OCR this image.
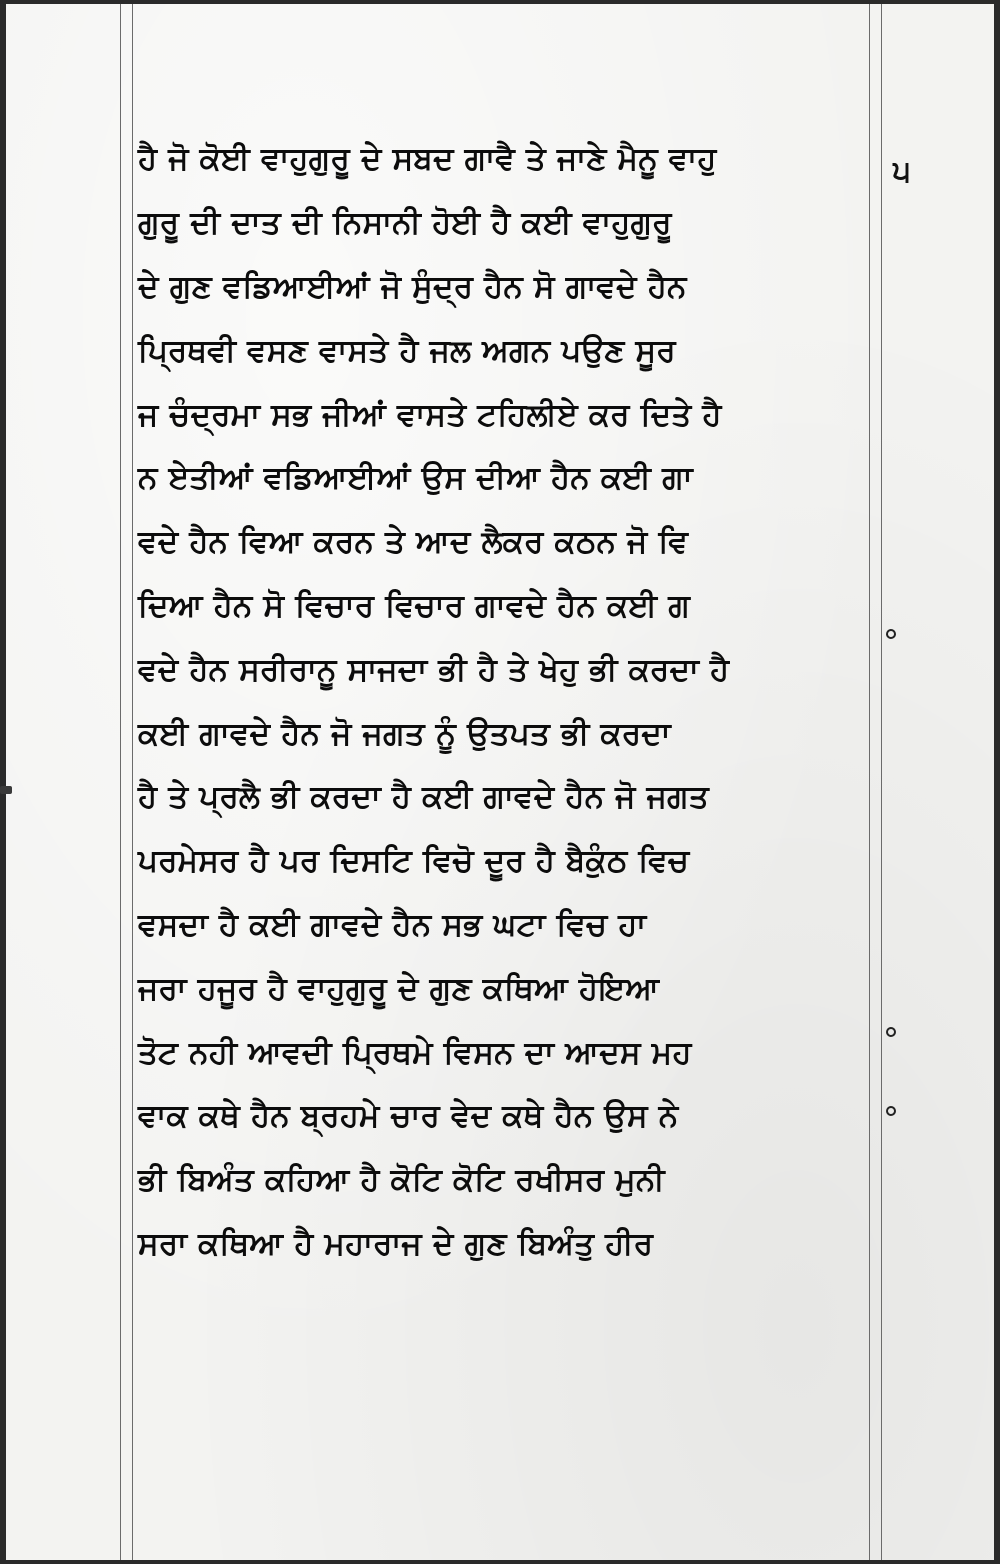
੫
ਹੈ ਜੋ ਕੋਈ ਵਾਹੁਗੁਰੂ ਦੇ ਸਬਦ ਗਾਵੈ ਤੇ ਜਾਣੇ ਮੈਨੂ ਵਾਹੁ
ਗੁਰੂ ਦੀ ਦਾਤ ਦੀ ਨਿਸਾਨੀ ਹੋਈ ਹੈ ਕਈ ਵਾਹੁਗੁਰੂ
ਦੇ ਗੁਣ ਵਡਿਆਈਆਂ ਜੋ ਸੁੰਦ੍ਰ ਹੈਨ ਸੋ ਗਾਵਦੇ ਹੈਨ
ਪ੍ਰਿਥਵੀ ਵਸਣ ਵਾਸਤੇ ਹੈ ਜਲ ਅਗਨ ਪਉਣ ਸੂਰ
ਜ ਚੰਦ੍ਰਮਾ ਸਭ ਜੀਆਂ ਵਾਸਤੇ ਟਹਿਲੀਏ ਕਰ ਦਿਤੇ ਹੈ
ਨ ਏਤੀਆਂ ਵਡਿਆਈਆਂ ਉਸ ਦੀਆ ਹੈਨ ਕਈ ਗਾ
ਵਦੇ ਹੈਨ ਵਿਆ ਕਰਨ ਤੇ ਆਦ ਲੈਕਰ ਕਠਨ ਜੋ ਵਿ
ਦਿਆ ਹੈਨ ਸੋ ਵਿਚਾਰ ਵਿਚਾਰ ਗਾਵਦੇ ਹੈਨ ਕਈ ਗ
ਵਦੇ ਹੈਨ ਸਰੀਰਾਨੂ ਸਾਜਦਾ ਭੀ ਹੈ ਤੇ ਖੇਹੁ ਭੀ ਕਰਦਾ ਹੈ
ਕਈ ਗਾਵਦੇ ਹੈਨ ਜੋ ਜਗਤ ਨੂੰ ਉਤਪਤ ਭੀ ਕਰਦਾ
ਹੈ ਤੇ ਪ੍ਰਲੈ ਭੀ ਕਰਦਾ ਹੈ ਕਈ ਗਾਵਦੇ ਹੈਨ ਜੋ ਜਗਤ
ਪਰਮੇਸਰ ਹੈ ਪਰ ਦਿਸਟਿ ਵਿਚੋ ਦੂਰ ਹੈ ਬੈਕੁੰਠ ਵਿਚ
ਵਸਦਾ ਹੈ ਕਈ ਗਾਵਦੇ ਹੈਨ ਸਭ ਘਟਾ ਵਿਚ ਹਾ
ਜਰਾ ਹਜੂਰ ਹੈ ਵਾਹੁਗੁਰੂ ਦੇ ਗੁਣ ਕਥਿਆ ਹੋਇਆ
ਤੋਟ ਨਹੀ ਆਵਦੀ ਪ੍ਰਿਥਮੇ ਵਿਸਨ ਦਾ ਆਦਸ ਮਹ
ਵਾਕ ਕਥੇ ਹੈਨ ਬ੍ਰਹਮੇ ਚਾਰ ਵੇਦ ਕਥੇ ਹੈਨ ਉਸ ਨੇ
ਭੀ ਬਿਅੰਤ ਕਹਿਆ ਹੈ ਕੋਟਿ ਕੋਟਿ ਰਖੀਸਰ ਮੁਨੀ
ਸਰਾ ਕਥਿਆ ਹੈ ਮਹਾਰਾਜ ਦੇ ਗੁਣ ਬਿਅੰਤੁ ਹੀਰ
